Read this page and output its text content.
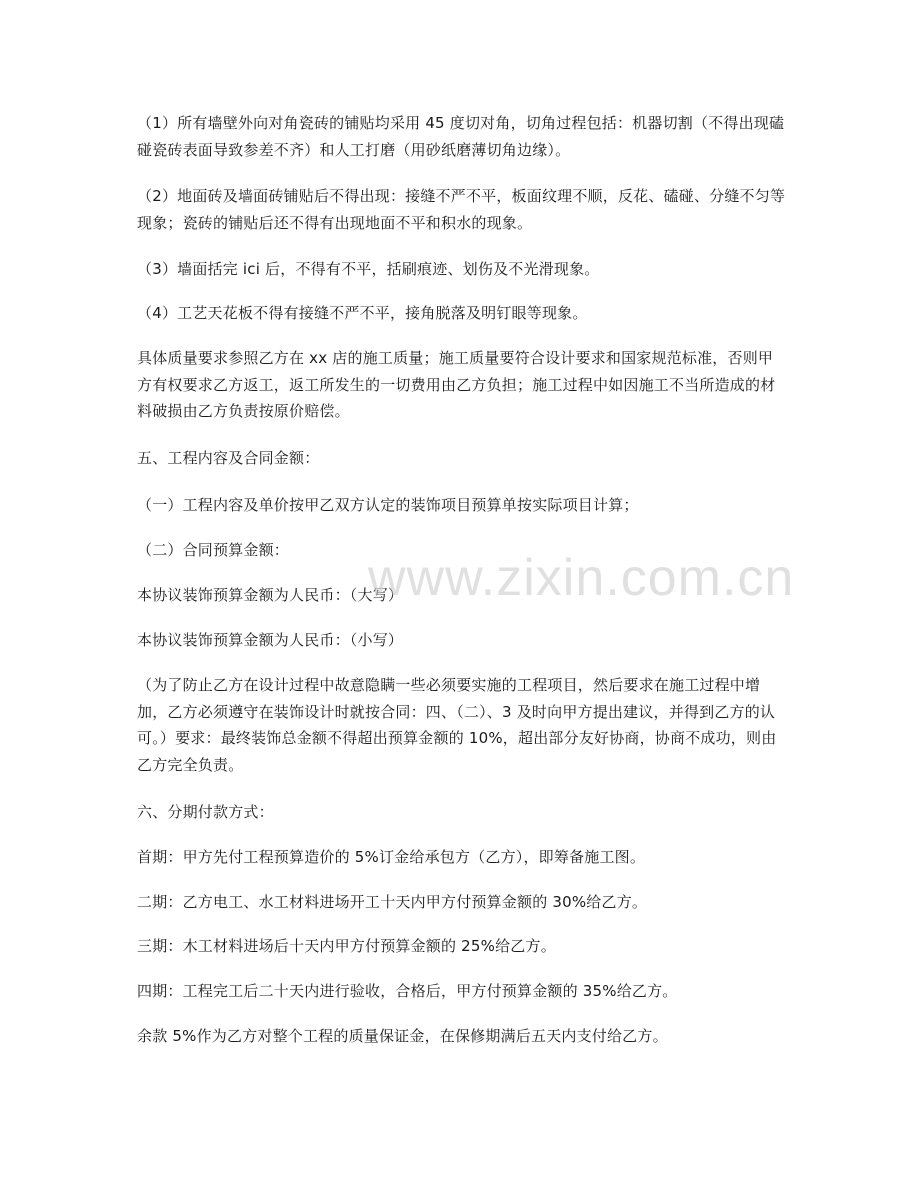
（1）所有墙壁外向对角瓷砖的铺贴均采用 45 度切对角，切角过程包括：机器切割（不得出现磕碰瓷砖表面导致参差不齐）和人工打磨（用砂纸磨薄切角边缘）。

（2）地面砖及墙面砖铺贴后不得出现：接缝不严不平，板面纹理不顺，反花、磕碰、分缝不匀等现象；瓷砖的铺贴后还不得有出现地面不平和积水的现象。

（3）墙面括完 ici 后，不得有不平，括刷痕迹、划伤及不光滑现象。

（4）工艺天花板不得有接缝不严不平，接角脱落及明钉眼等现象。

具体质量要求参照乙方在 xx 店的施工质量；施工质量要符合设计要求和国家规范标准，否则甲方有权要求乙方返工，返工所发生的一切费用由乙方负担；施工过程中如因施工不当所造成的材料破损由乙方负责按原价赔偿。

五、工程内容及合同金额：

（一）工程内容及单价按甲乙双方认定的装饰项目预算单按实际项目计算；

（二）合同预算金额：

本协议装饰预算金额为人民币：（大写）

本协议装饰预算金额为人民币：（小写）

（为了防止乙方在设计过程中故意隐瞒一些必须要实施的工程项目，然后要求在施工过程中增加，乙方必须遵守在装饰设计时就按合同：四、（二）、3 及时向甲方提出建议，并得到乙方的认可。）要求：最终装饰总金额不得超出预算金额的 10%，超出部分友好协商，协商不成功，则由乙方完全负责。

六、分期付款方式：

首期：甲方先付工程预算造价的 5%订金给承包方（乙方），即筹备施工图。

二期：乙方电工、水工材料进场开工十天内甲方付预算金额的 30%给乙方。

三期：木工材料进场后十天内甲方付预算金额的 25%给乙方。

四期：工程完工后二十天内进行验收，合格后，甲方付预算金额的 35%给乙方。

余款 5%作为乙方对整个工程的质量保证金，在保修期满后五天内支付给乙方。

www.zixin.com.cn
